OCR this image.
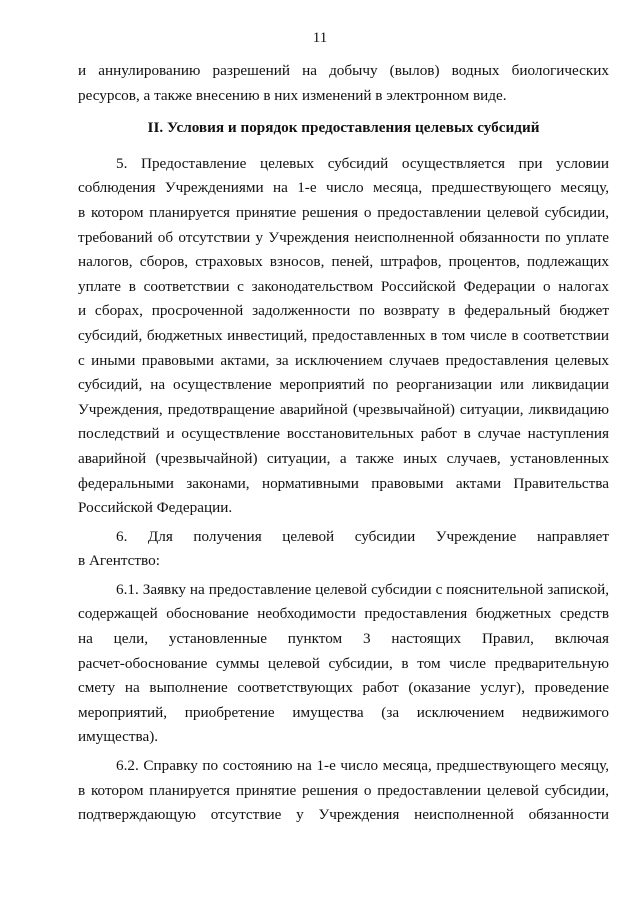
11
и аннулированию разрешений на добычу (вылов) водных биологических
ресурсов, а также внесению в них изменений в электронном виде.
II. Условия и порядок предоставления целевых субсидий
5. Предоставление целевых субсидий осуществляется при условии
соблюдения Учреждениями на 1-е число месяца, предшествующего месяцу,
в котором планируется принятие решения о предоставлении целевой субсидии,
требований об отсутствии у Учреждения неисполненной обязанности по уплате
налогов, сборов, страховых взносов, пеней, штрафов, процентов, подлежащих
уплате в соответствии с законодательством Российской Федерации о налогах
и сборах, просроченной задолженности по возврату в федеральный бюджет
субсидий, бюджетных инвестиций, предоставленных в том числе в соответствии
с иными правовыми актами, за исключением случаев предоставления целевых
субсидий, на осуществление мероприятий по реорганизации или ликвидации
Учреждения, предотвращение аварийной (чрезвычайной) ситуации, ликвидацию
последствий и осуществление восстановительных работ в случае наступления
аварийной (чрезвычайной) ситуации, а также иных случаев, установленных
федеральными законами, нормативными правовыми актами Правительства
Российской Федерации.
6. Для получения целевой субсидии Учреждение направляет
в Агентство:
6.1. Заявку на предоставление целевой субсидии с пояснительной запиской,
содержащей обоснование необходимости предоставления бюджетных средств
на цели, установленные пунктом 3 настоящих Правил, включая
расчет-обоснование суммы целевой субсидии, в том числе предварительную
смету на выполнение соответствующих работ (оказание услуг), проведение
мероприятий, приобретение имущества (за исключением недвижимого
имущества).
6.2. Справку по состоянию на 1-е число месяца, предшествующего месяцу,
в котором планируется принятие решения о предоставлении целевой субсидии,
подтверждающую отсутствие у Учреждения неисполненной обязанности
